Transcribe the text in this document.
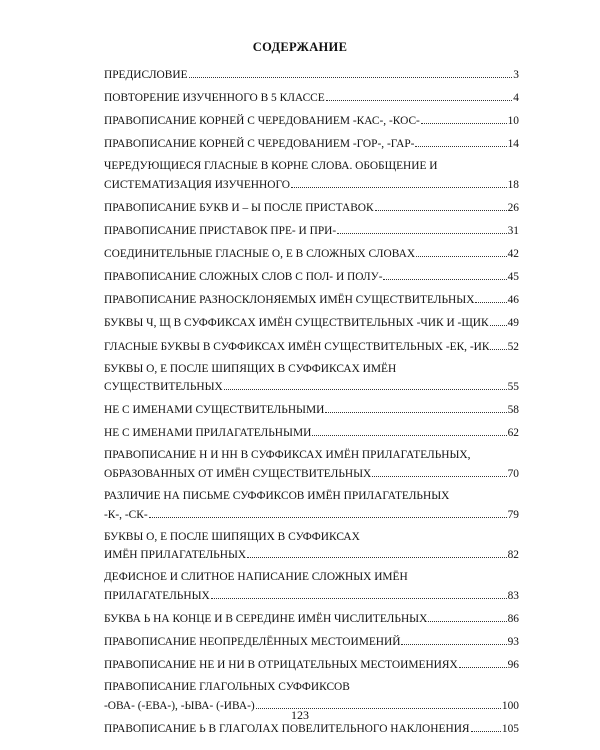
СОДЕРЖАНИЕ
ПРЕДИСЛОВИЕ	3
ПОВТОРЕНИЕ ИЗУЧЕННОГО В 5 КЛАССЕ	4
ПРАВОПИСАНИЕ КОРНЕЙ С ЧЕРЕДОВАНИЕМ -КАС-, -КОС-	10
ПРАВОПИСАНИЕ КОРНЕЙ С ЧЕРЕДОВАНИЕМ -ГОР-, -ГАР-	14
ЧЕРЕДУЮЩИЕСЯ ГЛАСНЫЕ В КОРНЕ СЛОВА. ОБОБЩЕНИЕ И
СИСТЕМАТИЗАЦИЯ ИЗУЧЕННОГО	18
ПРАВОПИСАНИЕ БУКВ И – Ы ПОСЛЕ ПРИСТАВОК	26
ПРАВОПИСАНИЕ ПРИСТАВОК ПРЕ- И ПРИ-	31
СОЕДИНИТЕЛЬНЫЕ ГЛАСНЫЕ О, Е В СЛОЖНЫХ СЛОВАХ	42
ПРАВОПИСАНИЕ СЛОЖНЫХ СЛОВ С ПОЛ- И ПОЛУ-	45
ПРАВОПИСАНИЕ РАЗНОСКЛОНЯЕМЫХ ИМЁН СУЩЕСТВИТЕЛЬНЫХ	46
БУКВЫ Ч, Щ В СУФФИКСАХ ИМЁН СУЩЕСТВИТЕЛЬНЫХ -ЧИК И -ЩИК 49
ГЛАСНЫЕ БУКВЫ В СУФФИКСАХ ИМЁН СУЩЕСТВИТЕЛЬНЫХ -ЕК, -ИК 52
БУКВЫ О, Е ПОСЛЕ ШИПЯЩИХ В СУФФИКСАХ ИМЁН
СУЩЕСТВИТЕЛЬНЫХ	55
НЕ С ИМЕНАМИ СУЩЕСТВИТЕЛЬНЫМИ	58
НЕ С ИМЕНАМИ ПРИЛАГАТЕЛЬНЫМИ	62
ПРАВОПИСАНИЕ Н И НН В СУФФИКСАХ ИМЁН ПРИЛАГАТЕЛЬНЫХ,
ОБРАЗОВАННЫХ ОТ ИМЁН СУЩЕСТВИТЕЛЬНЫХ	70
РАЗЛИЧИЕ НА ПИСЬМЕ СУФФИКСОВ ИМЁН ПРИЛАГАТЕЛЬНЫХ
-К-, -СК-	79
БУКВЫ О, Е ПОСЛЕ ШИПЯЩИХ В СУФФИКСАХ
ИМЁН ПРИЛАГАТЕЛЬНЫХ	82
ДЕФИСНОЕ И СЛИТНОЕ НАПИСАНИЕ СЛОЖНЫХ ИМЁН
ПРИЛАГАТЕЛЬНЫХ	83
БУКВА Ь НА КОНЦЕ И В СЕРЕДИНЕ ИМЁН ЧИСЛИТЕЛЬНЫХ	86
ПРАВОПИСАНИЕ НЕОПРЕДЕЛЁННЫХ МЕСТОИМЕНИЙ	93
ПРАВОПИСАНИЕ НЕ И НИ В ОТРИЦАТЕЛЬНЫХ МЕСТОИМЕНИЯХ	96
ПРАВОПИСАНИЕ ГЛАГОЛЬНЫХ СУФФИКСОВ
-ОВА- (-ЕВА-), -ЫВА- (-ИВА-)	100
ПРАВОПИСАНИЕ Ь В ГЛАГОЛАХ ПОВЕЛИТЕЛЬНОГО НАКЛОНЕНИЯ	105
123
